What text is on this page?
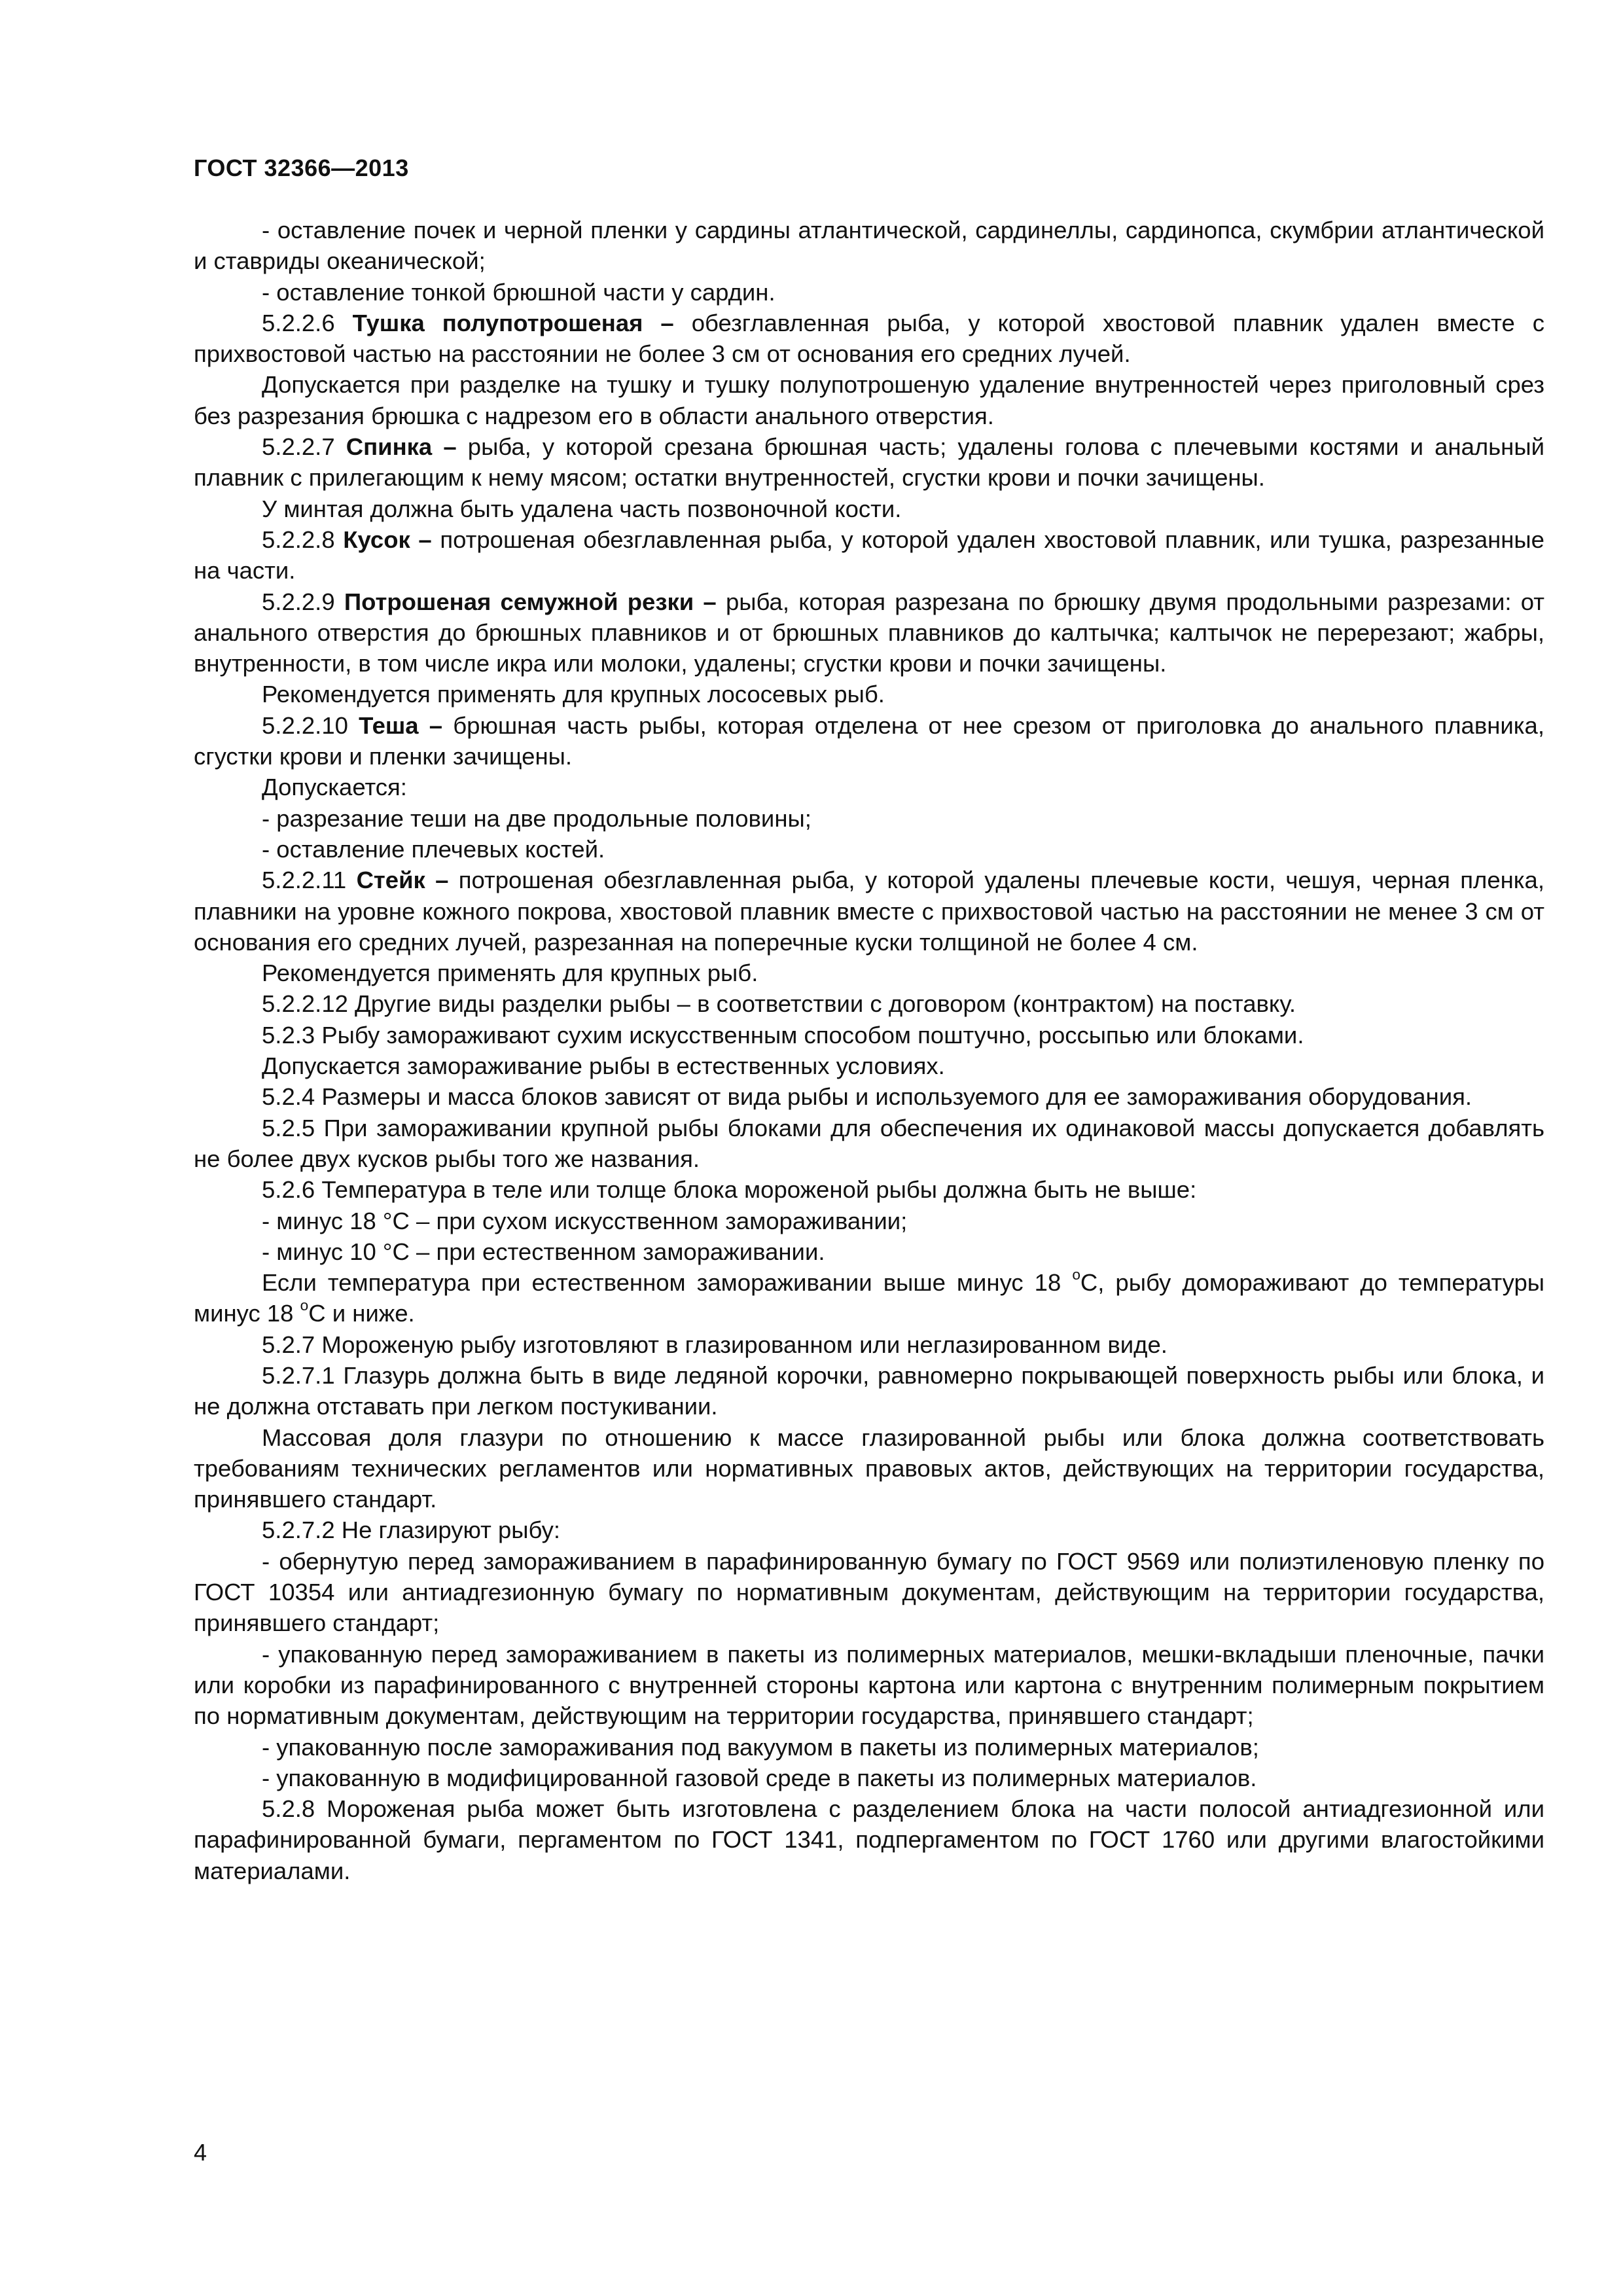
ГОСТ 32366—2013

- оставление почек и черной пленки у сардины атлантической, сардинеллы, сардинопса, скумбрии атлантической и ставриды океанической;

- оставление тонкой брюшной части у сардин.

5.2.2.6 Тушка полупотрошеная – обезглавленная рыба, у которой хвостовой плавник удален вместе с прихвостовой частью на расстоянии не более 3 см от основания его средних лучей.

Допускается при разделке на тушку и тушку полупотрошеную удаление внутренностей через приголовный срез без разрезания брюшка с надрезом его в области анального отверстия.

5.2.2.7 Спинка – рыба, у которой срезана брюшная часть; удалены голова с плечевыми костями и анальный плавник с прилегающим к нему мясом; остатки внутренностей, сгустки крови и почки зачищены.

У минтая должна быть удалена часть позвоночной кости.

5.2.2.8 Кусок – потрошеная обезглавленная рыба, у которой удален хвостовой плавник, или тушка, разрезанные на части.

5.2.2.9 Потрошеная семужной резки – рыба, которая разрезана по брюшку двумя продольными разрезами: от анального отверстия до брюшных плавников и от брюшных плавников до калтычка; калтычок не перерезают; жабры, внутренности, в том числе икра или молоки, удалены; сгустки крови и почки зачищены.

Рекомендуется применять для крупных лососевых рыб.

5.2.2.10 Теша – брюшная часть рыбы, которая отделена от нее срезом от приголовка до анального плавника, сгустки крови и пленки зачищены.

Допускается:

- разрезание теши на две продольные половины;

- оставление плечевых костей.

5.2.2.11 Стейк – потрошеная обезглавленная рыба, у которой удалены плечевые кости, чешуя, черная пленка, плавники на уровне кожного покрова, хвостовой плавник вместе с прихвостовой частью на расстоянии не менее 3 см от основания его средних лучей, разрезанная на поперечные куски толщиной не более 4 см.

Рекомендуется применять для крупных рыб.

5.2.2.12 Другие виды разделки рыбы – в соответствии с договором (контрактом) на поставку.

5.2.3 Рыбу замораживают сухим искусственным способом поштучно, россыпью или блоками.

Допускается замораживание рыбы в естественных условиях.

5.2.4 Размеры и масса блоков зависят от вида рыбы и используемого для ее замораживания оборудования.

5.2.5 При замораживании крупной рыбы блоками для обеспечения их одинаковой массы допускается добавлять не более двух кусков рыбы того же названия.

5.2.6 Температура в теле или толще блока мороженой рыбы должна быть не выше:

- минус 18 °С – при сухом искусственном замораживании;

- минус 10 °С – при естественном замораживании.

Если температура при естественном замораживании выше минус 18 $^o$С, рыбу домораживают до температуры минус 18 $^o$С и ниже.

5.2.7 Мороженую рыбу изготовляют в глазированном или неглазированном виде.

5.2.7.1 Глазурь должна быть в виде ледяной корочки, равномерно покрывающей поверхность рыбы или блока, и не должна отставать при легком постукивании.

Массовая доля глазури по отношению к массе глазированной рыбы или блока должна соответствовать требованиям технических регламентов или нормативных правовых актов, действующих на территории государства, принявшего стандарт.

5.2.7.2 Не глазируют рыбу:

- обернутую перед замораживанием в парафинированную бумагу по ГОСТ 9569 или полиэтиленовую пленку по ГОСТ 10354 или антиадгезионную бумагу по нормативным документам, действующим на территории государства, принявшего стандарт;

- упакованную перед замораживанием в пакеты из полимерных материалов, мешки-вкладыши пленочные, пачки или коробки из парафинированного с внутренней стороны картона или картона с внутренним полимерным покрытием по нормативным документам, действующим на территории государства, принявшего стандарт;

- упакованную после замораживания под вакуумом в пакеты из полимерных материалов;

- упакованную в модифицированной газовой среде в пакеты из полимерных материалов.

5.2.8 Мороженая рыба может быть изготовлена с разделением блока на части полосой антиадгезионной или парафинированной бумаги, пергаментом по ГОСТ 1341, подпергаментом по ГОСТ 1760 или другими влагостойкими материалами.

4
